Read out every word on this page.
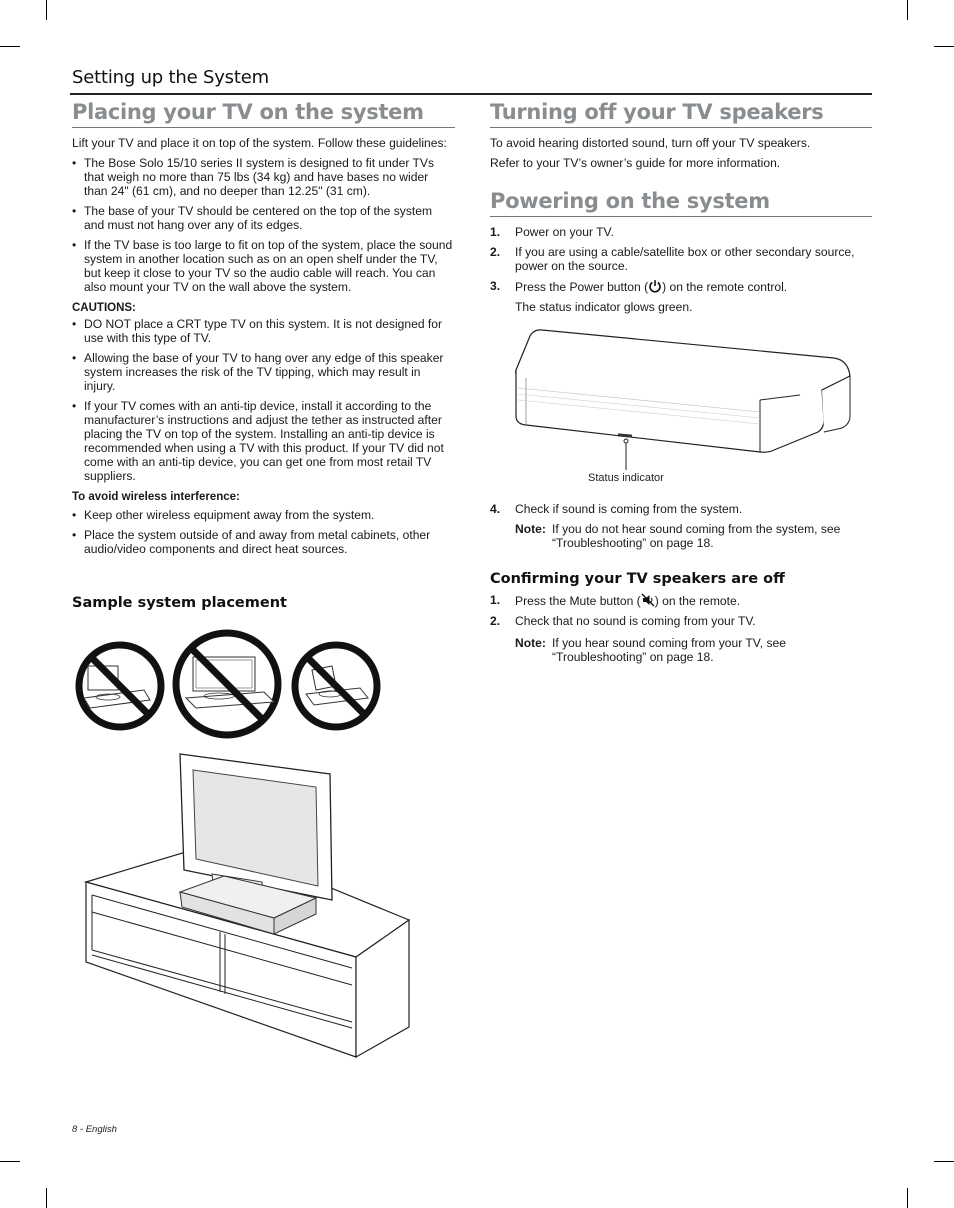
Setting up the System
Placing your TV on the system

Lift your TV and place it on top of the system. Follow these guidelines:

• The Bose Solo 15/10 series II system is designed to fit under TVs that weigh no more than 75 lbs (34 kg) and have bases no wider than 24" (61 cm), and no deeper than 12.25" (31 cm).
• The base of your TV should be centered on the top of the system and must not hang over any of its edges.
• If the TV base is too large to fit on top of the system, place the sound system in another location such as on an open shelf under the TV, but keep it close to your TV so the audio cable will reach. You can also mount your TV on the wall above the system.

CAUTIONS:

• DO NOT place a CRT type TV on this system. It is not designed for use with this type of TV.
• Allowing the base of your TV to hang over any edge of this speaker system increases the risk of the TV tipping, which may result in injury.
• If your TV comes with an anti-tip device, install it according to the manufacturer’s instructions and adjust the tether as instructed after placing the TV on top of the system. Installing an anti-tip device is recommended when using a TV with this product. If your TV did not come with an anti-tip device, you can get one from most retail TV suppliers.

To avoid wireless interference:

• Keep other wireless equipment away from the system.
• Place the system outside of and away from metal cabinets, other audio/video components and direct heat sources.
Sample system placement
Turning off your TV speakers

To avoid hearing distorted sound, turn off your TV speakers.

Refer to your TV’s owner’s guide for more information.

Powering on the system
1. Power on your TV.
2. If you are using a cable/satellite box or other secondary source, power on the source.
3. Press the Power button ( ) on the remote control.
The status indicator glows green.
Status indicator
4. Check if sound is coming from the system.
Note: If you do not hear sound coming from the system, see “Troubleshooting” on page 18.
Confirming your TV speakers are off
1. Press the Mute button ( ) on the remote.
2. Check that no sound is coming from your TV.
Note: If you hear sound coming from your TV, see “Troubleshooting” on page 18.
8 - English
